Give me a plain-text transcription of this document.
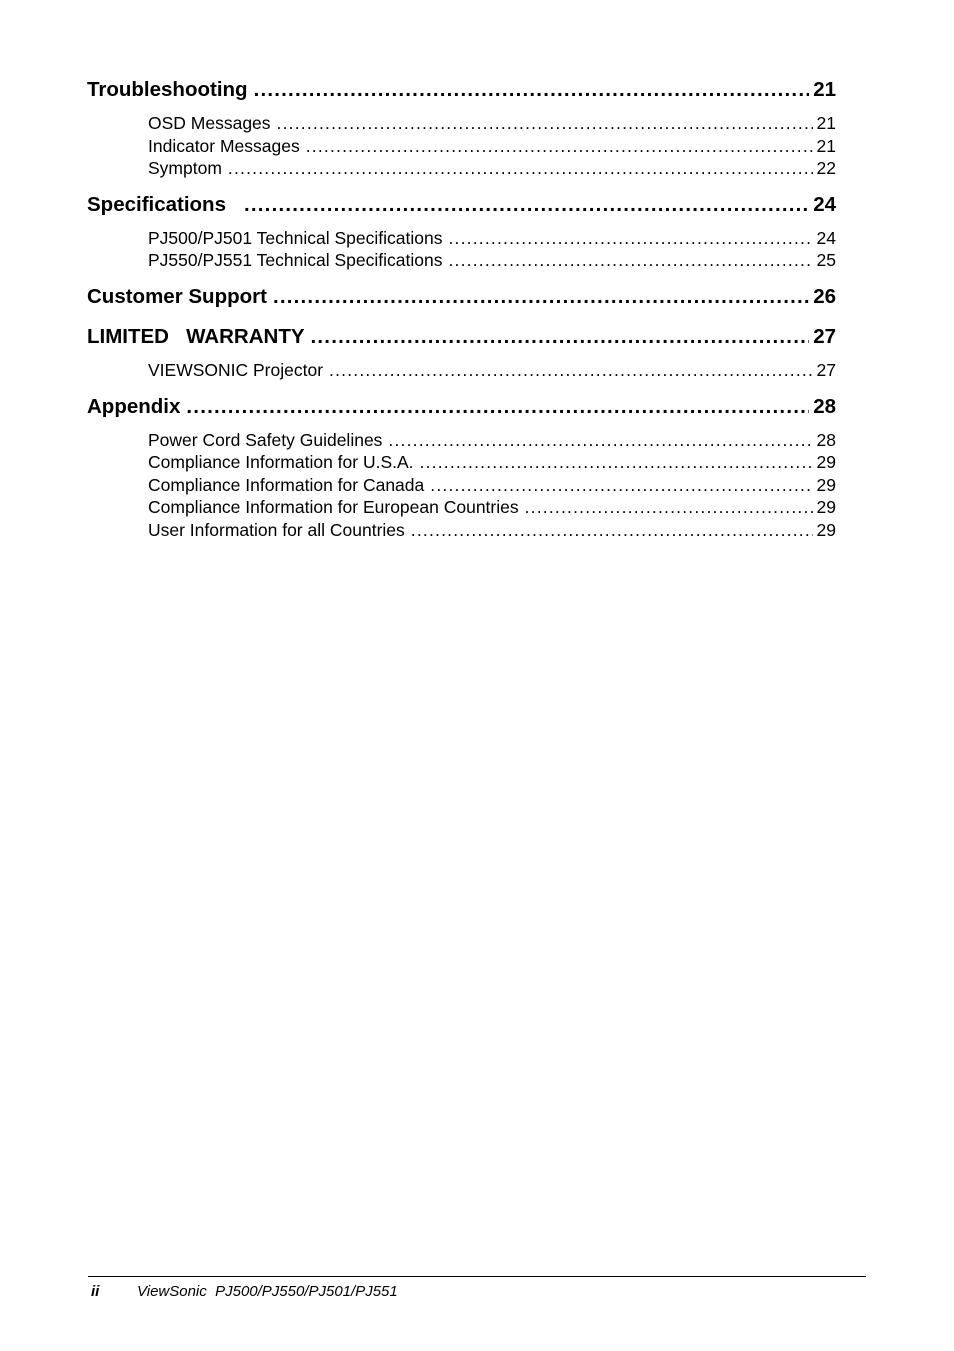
Troubleshooting .....	21
OSD Messages .....	21
Indicator Messages .....	21
Symptom .....	22
Specifications .....	24
PJ500/PJ501 Technical Specifications .....	24
PJ550/PJ551 Technical Specifications .....	25
Customer Support .....	26
LIMITED   WARRANTY .....	27
VIEWSONIC Projector .....	27
Appendix .....	28
Power Cord Safety Guidelines .....	28
Compliance Information for U.S.A. .....	29
Compliance Information for Canada .....	29
Compliance Information for European Countries .....	29
User Information for all Countries .....	29
ii	ViewSonic  PJ500/PJ550/PJ501/PJ551
